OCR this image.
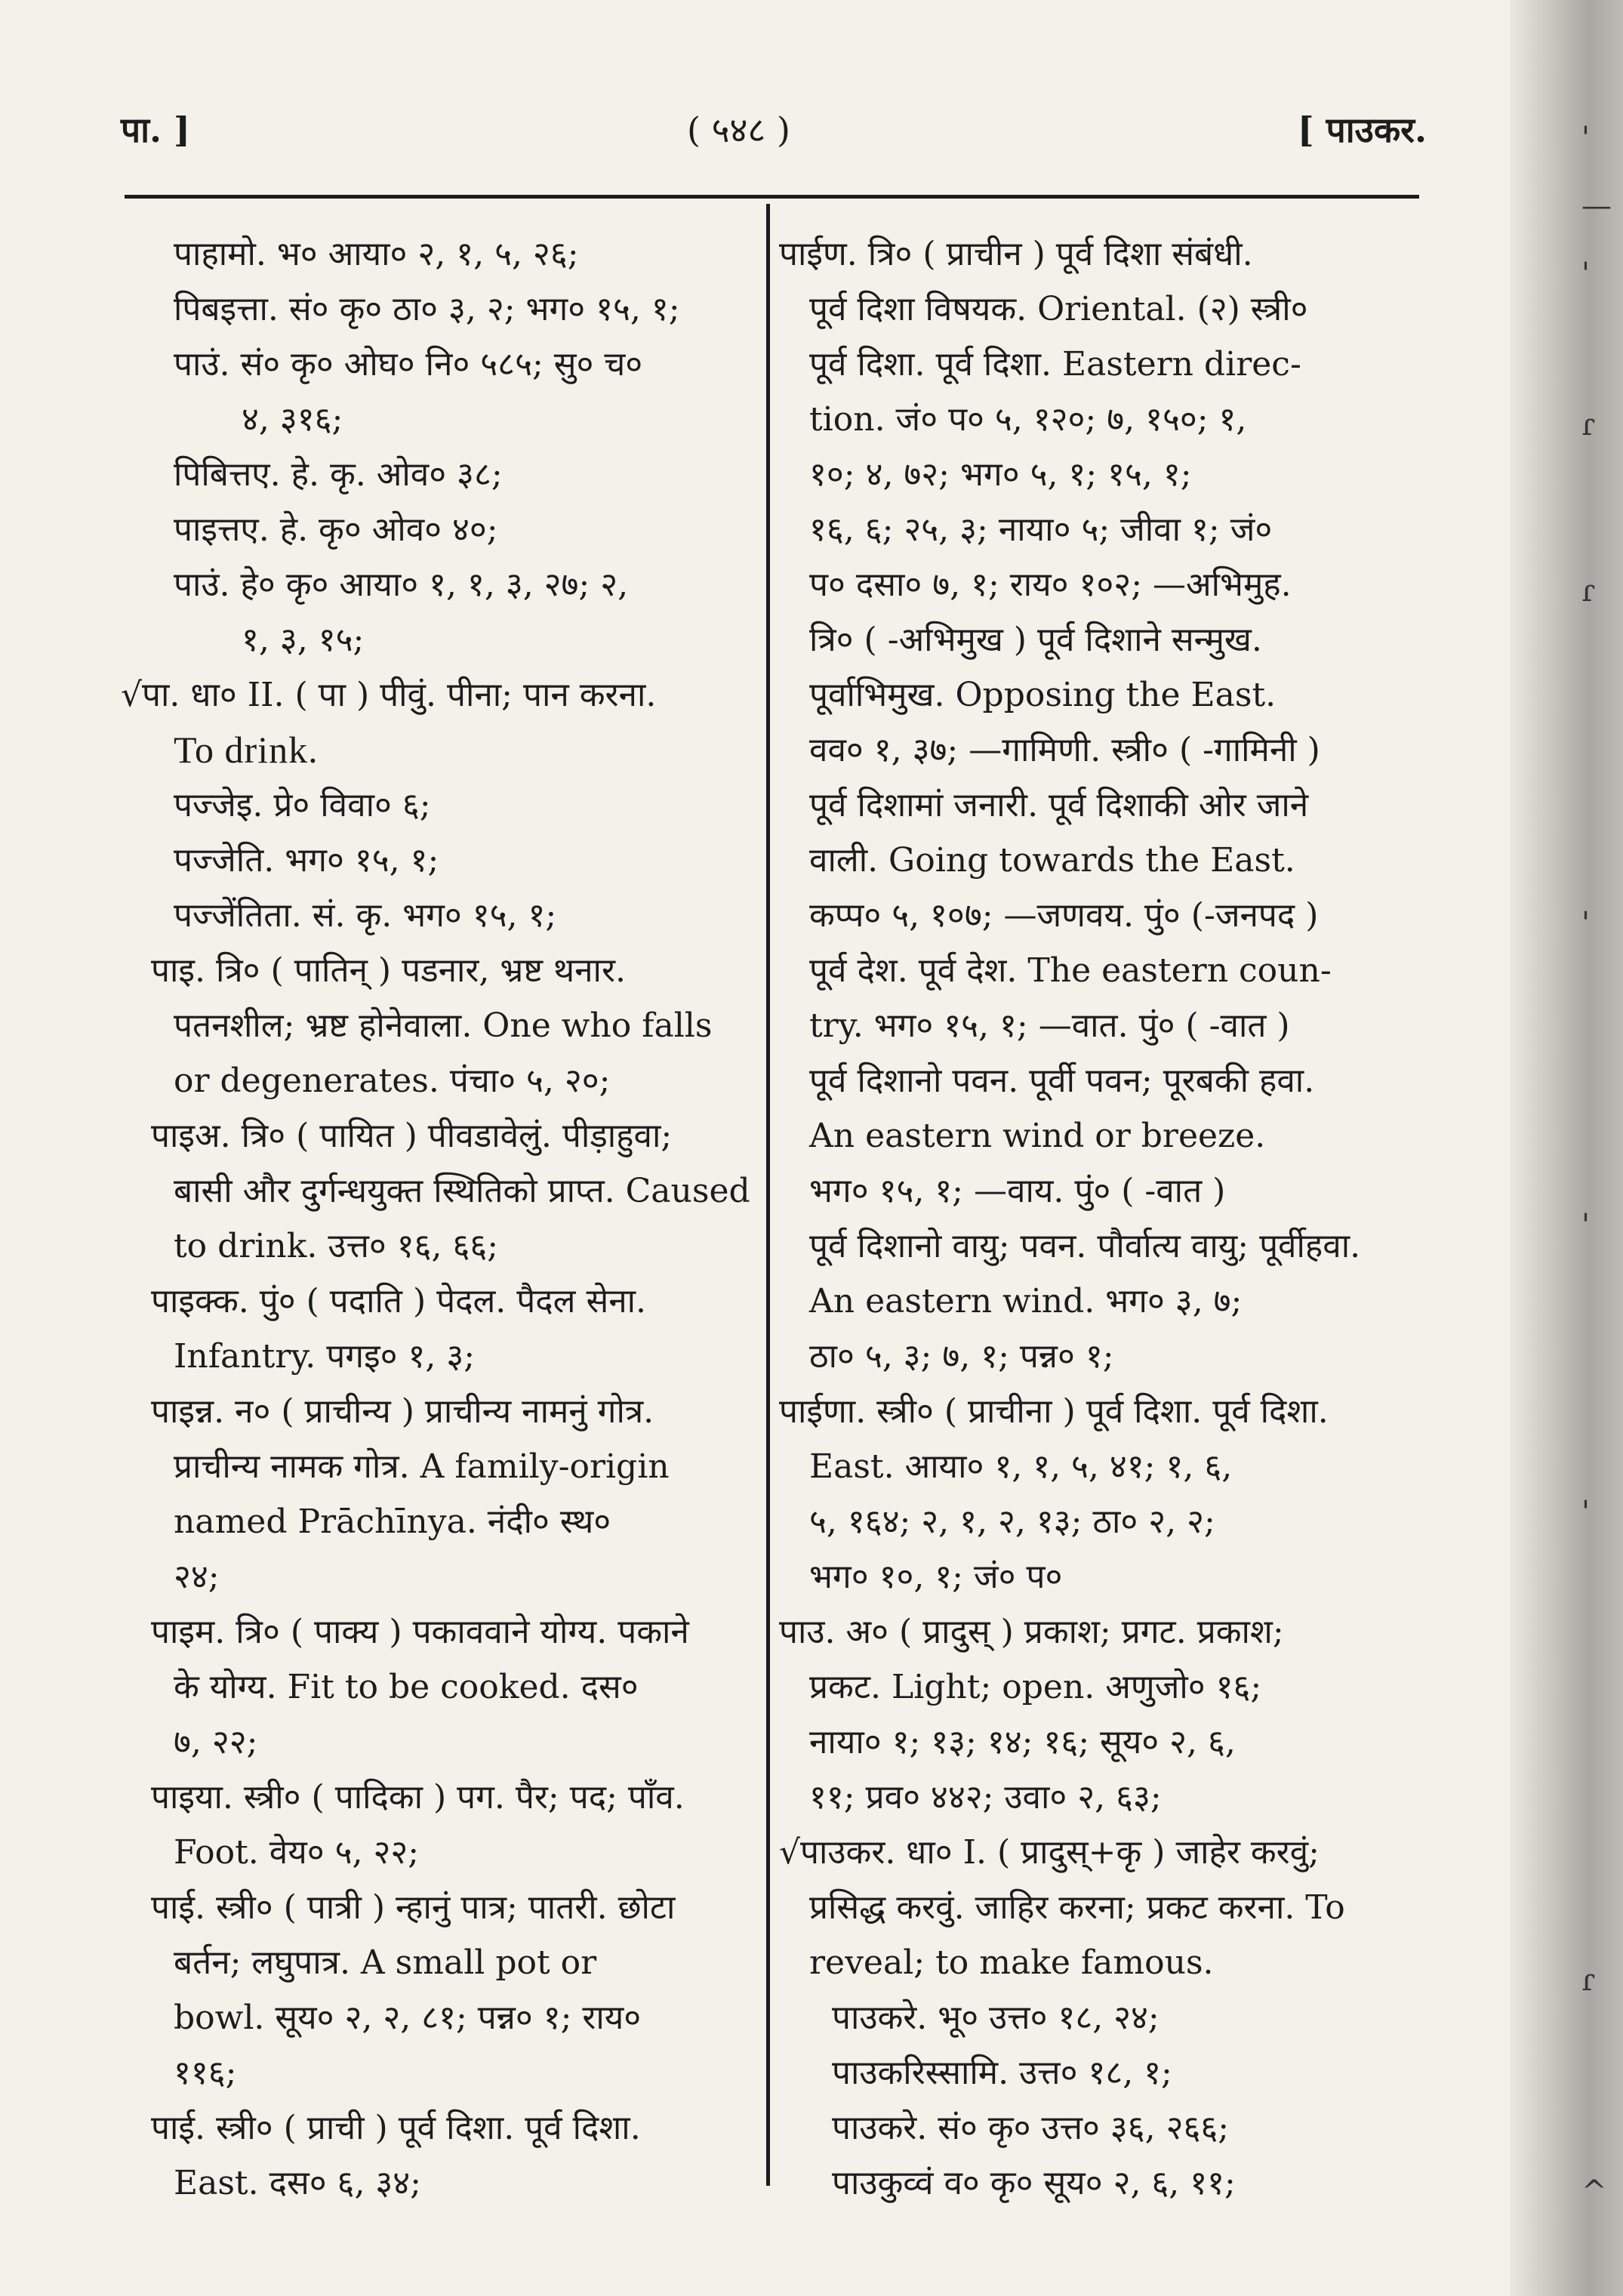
पा. ]	( ५४८ )	[ पाउकर.
पाहामो. भ० आया० २, १, ५, २६;
पिबइत्ता. सं० कृ० ठा० ३, २; भग० १५, १;
पाउं. सं० कृ० ओघ० नि० ५८५; सु० च०
४, ३१६;
पिबित्तए. हे. कृ. ओव० ३८;
पाइत्तए. हे. कृ० ओव० ४०;
पाउं. हे० कृ० आया० १, १, ३, २७; २,
१, ३, १५;
√पा. धा० II. ( पा ) पीवुं. पीना; पान करना.
To drink.
पज्जेइ. प्रे० विवा० ६;
पज्जेति. भग० १५, १;
पज्जेंतिता. सं. कृ. भग० १५, १;
पाइ. त्रि० ( पातिन् ) पडनार, भ्रष्ट थनार.
पतनशील; भ्रष्ट होनेवाला. One who falls
or degenerates. पंचा० ५, २०;
पाइअ. त्रि० ( पायित ) पीवडावेलुं. पीड़ाहुवा;
बासी और दुर्गन्धयुक्त स्थितिको प्राप्त. Caused
to drink. उत्त० १६, ६६;
पाइक्क. पुं० ( पदाति ) पेदल. पैदल सेना.
Infantry. पगइ० १, ३;
पाइन्न. न० ( प्राचीन्य ) प्राचीन्य नामनुं गोत्र.
प्राचीन्य नामक गोत्र. A family-origin
named Prāchīnya. नंदी० स्थ०
२४;
पाइम. त्रि० ( पाक्य ) पकाववाने योग्य. पकाने
के योग्य. Fit to be cooked. दस०
७, २२;
पाइया. स्त्री० ( पादिका ) पग. पैर; पद; पाँव.
Foot. वेय० ५, २२;
पाई. स्त्री० ( पात्री ) न्हानुं पात्र; पातरी. छोटा
बर्तन; लघुपात्र. A small pot or
bowl. सूय० २, २, ८१; पन्न० १; राय०
११६;
पाई. स्त्री० ( प्राची ) पूर्व दिशा. पूर्व दिशा.
East. दस० ६, ३४;
पाईण. त्रि० ( प्राचीन ) पूर्व दिशा संबंधी.
पूर्व दिशा विषयक. Oriental. (२) स्त्री०
पूर्व दिशा. पूर्व दिशा. Eastern direc-
tion. जं० प० ५, १२०; ७, १५०; १,
१०; ४, ७२; भग० ५, १; १५, १;
१६, ६; २५, ३; नाया० ५; जीवा १; जं०
प० दसा० ७, १; राय० १०२; —अभिमुह.
त्रि० ( -अभिमुख ) पूर्व दिशाने सन्मुख.
पूर्वाभिमुख. Opposing the East.
वव० १, ३७; —गामिणी. स्त्री० ( -गामिनी )
पूर्व दिशामां जनारी. पूर्व दिशाकी ओर जाने
वाली. Going towards the East.
कप्प० ५, १०७; —जणवय. पुं० (-जनपद )
पूर्व देश. पूर्व देश. The eastern coun-
try. भग० १५, १; —वात. पुं० ( -वात )
पूर्व दिशानो पवन. पूर्वी पवन; पूरबकी हवा.
An eastern wind or breeze.
भग० १५, १; —वाय. पुं० ( -वात )
पूर्व दिशानो वायु; पवन. पौर्वात्य वायु; पूर्वीहवा.
An eastern wind. भग० ३, ७;
ठा० ५, ३; ७, १; पन्न० १;
पाईणा. स्त्री० ( प्राचीना ) पूर्व दिशा. पूर्व दिशा.
East. आया० १, १, ५, ४१; १, ६,
५, १६४; २, १, २, १३; ठा० २, २;
भग० १०, १; जं० प०
पाउ. अ० ( प्रादुस् ) प्रकाश; प्रगट. प्रकाश;
प्रकट. Light; open. अणुजो० १६;
नाया० १; १३; १४; १६; सूय० २, ६,
११; प्रव० ४४२; उवा० २, ६३;
√पाउकर. धा० I. ( प्रादुस्+कृ ) जाहेर करवुं;
प्रसिद्ध करवुं. जाहिर करना; प्रकट करना. To
reveal; to make famous.
पाउकरे. भू० उत्त० १८, २४;
पाउकरिस्सामि. उत्त० १८, १;
पाउकरे. सं० कृ० उत्त० ३६, २६६;
पाउकुव्वं व० कृ० सूय० २, ६, ११;
'
—
'
ɾ
ɾ
'
'
'
ɾ
^
